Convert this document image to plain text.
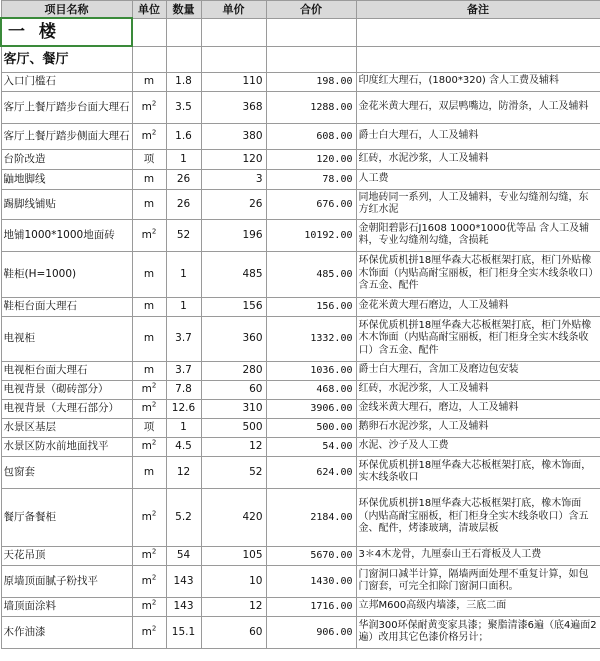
项目名称	单位	数量	单价	合价	备注
一 楼					
客厅、餐厅					
入口门槛石	m	1.8	110	198.00	印度红大理石，(1800*320) 含人工费及辅料
客厅上餐厅踏步台面大理石	$m^2$	3.5	368	1288.00	金花米黄大理石，双层鸭嘴边，防滑条，人工及辅料
客厅上餐厅踏步侧面大理石	$m^2$	1.6	380	608.00	爵士白大理石，人工及辅料
台阶改造	项	1	120	120.00	红砖，水泥沙浆，人工及辅料
鼬地脚线	m	26	3	78.00	人工费
踢脚线铺贴	m	26	26	676.00	同地砖同一系列，人工及辅料，专业勾缝剂勾缝，东方红水泥
地铺1000*1000地面砖	$m^2$	52	196	10192.00	金朝阳碧影石J1608 1000*1000优等品 含人工及辅料，专业勾缝剂勾缝，含损耗
鞋柜(H=1000)	m	1	485	485.00	环保优质机拼18厘华森大芯板框架打底，柜门外贴橡木饰面（内贴高耐宝丽板，柜门柜身全实木线条收口）含五金、配件
鞋柜台面大理石	m	1	156	156.00	金花米黄大理石磨边，人工及辅料
电视柜	m	3.7	360	1332.00	环保优质机拼18厘华森大芯板框架打底，柜门外贴橡木木饰面（内贴高耐宝丽板，柜门柜身全实木线条收口）含五金、配件
电视柜台面大理石	m	3.7	280	1036.00	爵士白大理石，含加工及磨边包安装
电视背景（砌砖部分）	$m^2$	7.8	60	468.00	红砖，水泥沙浆，人工及辅料
电视背景（大理石部分）	$m^2$	12.6	310	3906.00	金线米黄大理石，磨边，人工及辅料
水景区基层	项	1	500	500.00	鹅卵石水泥沙浆，人工及辅料
水景区防水前地面找平	$m^2$	4.5	12	54.00	水泥、沙子及人工费
包窗套	m	12	52	624.00	环保优质机拼18厘华森大芯板框架打底，橡木饰面，实木线条收口
餐厅备餐柜	$m^2$	5.2	420	2184.00	环保优质机拼18厘华森大芯板框架打底，橡木饰面（内贴高耐宝丽板，柜门柜身全实木线条收口）含五金、配件，烤漆玻璃，清玻层板
天花吊顶	$m^2$	54	105	5670.00	3＊4木龙骨，九厘泰山王石膏板及人工费
原墙顶面腻子粉找平	$m^2$	143	10	1430.00	门窗洞口减半计算，隔墙两面处理不重复计算，如包门窗套，可完全扣除门窗洞口面积。
墙顶面涂料	$m^2$	143	12	1716.00	立邦M600高级内墙漆，三底二面
木作油漆	$m^2$	15.1	60	906.00	华润300环保耐黄变家具漆；聚脂清漆6遍（底4遍面2遍）改用其它色漆价格另计；
